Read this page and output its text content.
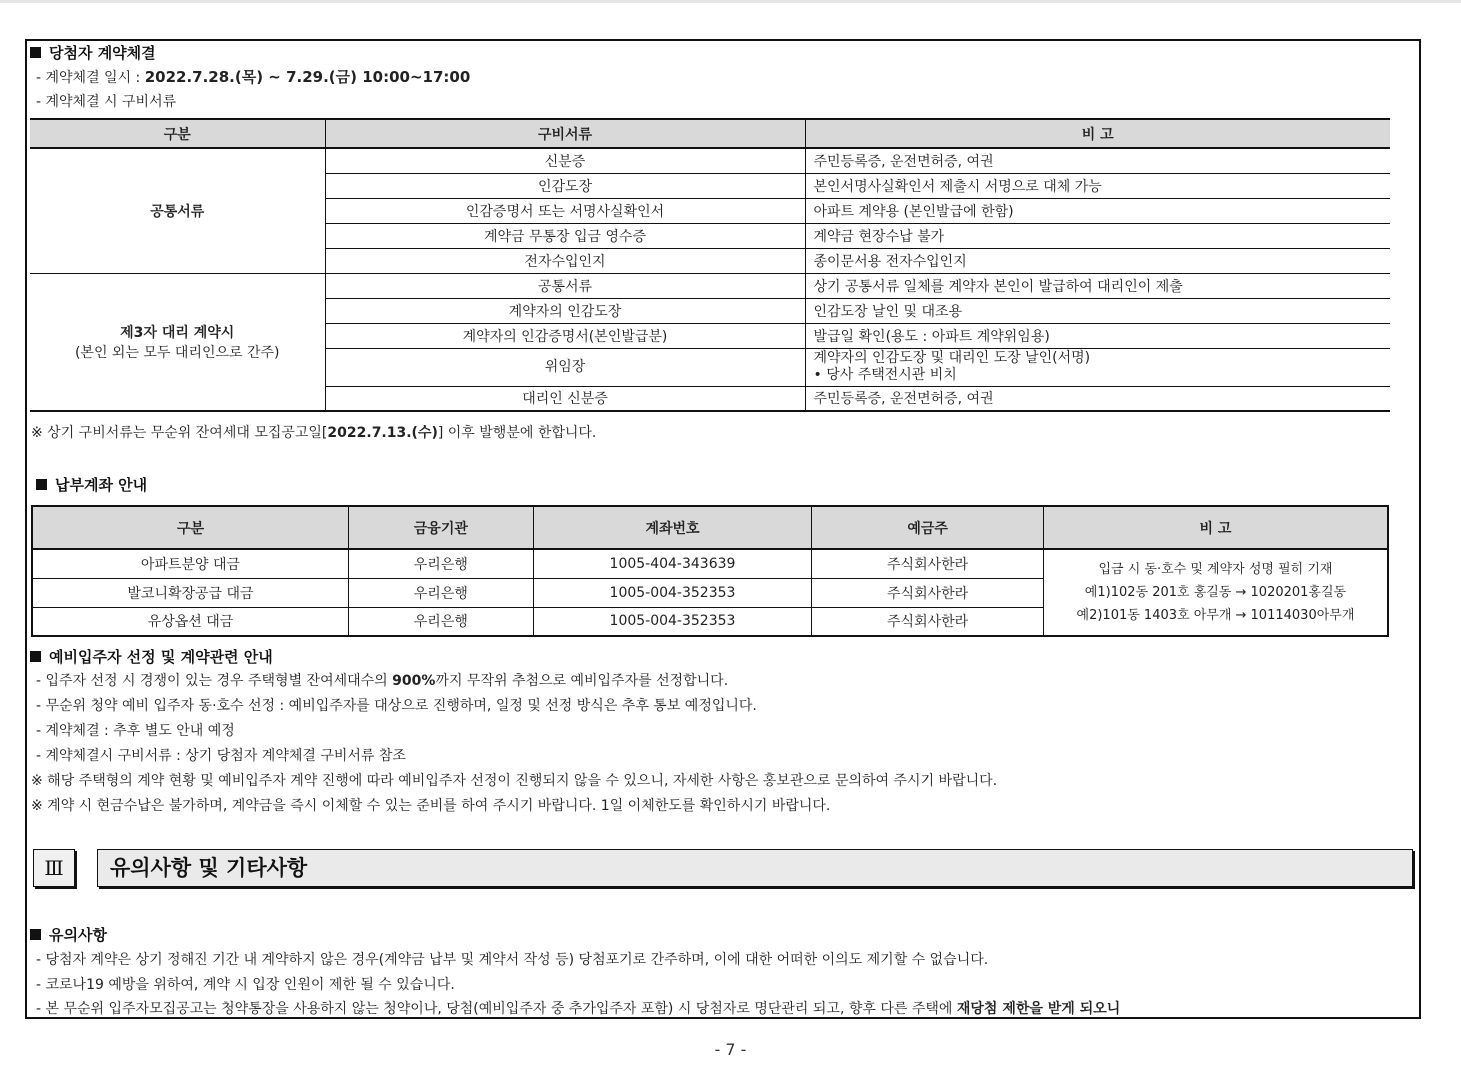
당첨자 계약체결
- 계약체결 일시 : 2022.7.28.(목) ~ 7.29.(금) 10:00~17:00
- 계약체결 시 구비서류
구분	구비서류	비 고
공통서류	신분증	주민등록증, 운전면허증, 여권
	인감도장	본인서명사실확인서 제출시 서명으로 대체 가능
	인감증명서 또는 서명사실확인서	아파트 계약용 (본인발급에 한함)
	계약금 무통장 입금 영수증	계약금 현장수납 불가
	전자수입인지	종이문서용 전자수입인지

제3자 대리 계약시
(본인 외는 모두 대리인으로 간주)	공통서류	상기 공통서류 일체를 계약자 본인이 발급하여 대리인이 제출
	계약자의 인감도장	인감도장 날인 및 대조용
	계약자의 인감증명서(본인발급분)	발급일 확인(용도 : 아파트 계약위임용)
	위임장	계약자의 인감도장 및 대리인 도장 날인(서명)
• 당사 주택전시관 비치

	대리인 신분증	주민등록증, 운전면허증, 여권
※ 상기 구비서류는 무순위 잔여세대 모집공고일[2022.7.13.(수)] 이후 발행분에 한합니다.
납부계좌 안내
구분	금융기관	계좌번호	예금주	비 고
아파트분양 대금	우리은행	1005-404-343639	주식회사한라	입금 시 동·호수 및 계약자 성명 필히 기재
예1)102동 201호 홍길동 → 1020201홍길동
예2)101동 1403호 아무개 → 10114030아무개

발코니확장공급 대금	우리은행	1005-004-352353	주식회사한라	
유상옵션 대금	우리은행	1005-004-352353	주식회사한라	
예비입주자 선정 및 계약관련 안내
- 입주자 선정 시 경쟁이 있는 경우 주택형별 잔여세대수의 900%까지 무작위 추첨으로 예비입주자를 선정합니다.
- 무순위 청약 예비 입주자 동·호수 선정 : 예비입주자를 대상으로 진행하며, 일정 및 선정 방식은 추후 통보 예정입니다.
- 계약체결 : 추후 별도 안내 예정
- 계약체결시 구비서류 : 상기 당첨자 계약체결 구비서류 참조
※ 해당 주택형의 계약 현황 및 예비입주자 계약 진행에 따라 예비입주자 선정이 진행되지 않을 수 있으니, 자세한 사항은 홍보관으로 문의하여 주시기 바랍니다.
※ 계약 시 현금수납은 불가하며, 계약금을 즉시 이체할 수 있는 준비를 하여 주시기 바랍니다. 1일 이체한도를 확인하시기 바랍니다.
Ⅲ	유의사항 및 기타사항
유의사항
- 당첨자 계약은 상기 정해진 기간 내 계약하지 않은 경우(계약금 납부 및 계약서 작성 등) 당첨포기로 간주하며, 이에 대한 어떠한 이의도 제기할 수 없습니다.
- 코로나19 예방을 위하여, 계약 시 입장 인원이 제한 될 수 있습니다.
- 본 무순위 입주자모집공고는 청약통장을 사용하지 않는 청약이나, 당첨(예비입주자 중 추가입주자 포함) 시 당첨자로 명단관리 되고, 향후 다른 주택에 재당첨 제한을 받게 되오니
- 7 -
